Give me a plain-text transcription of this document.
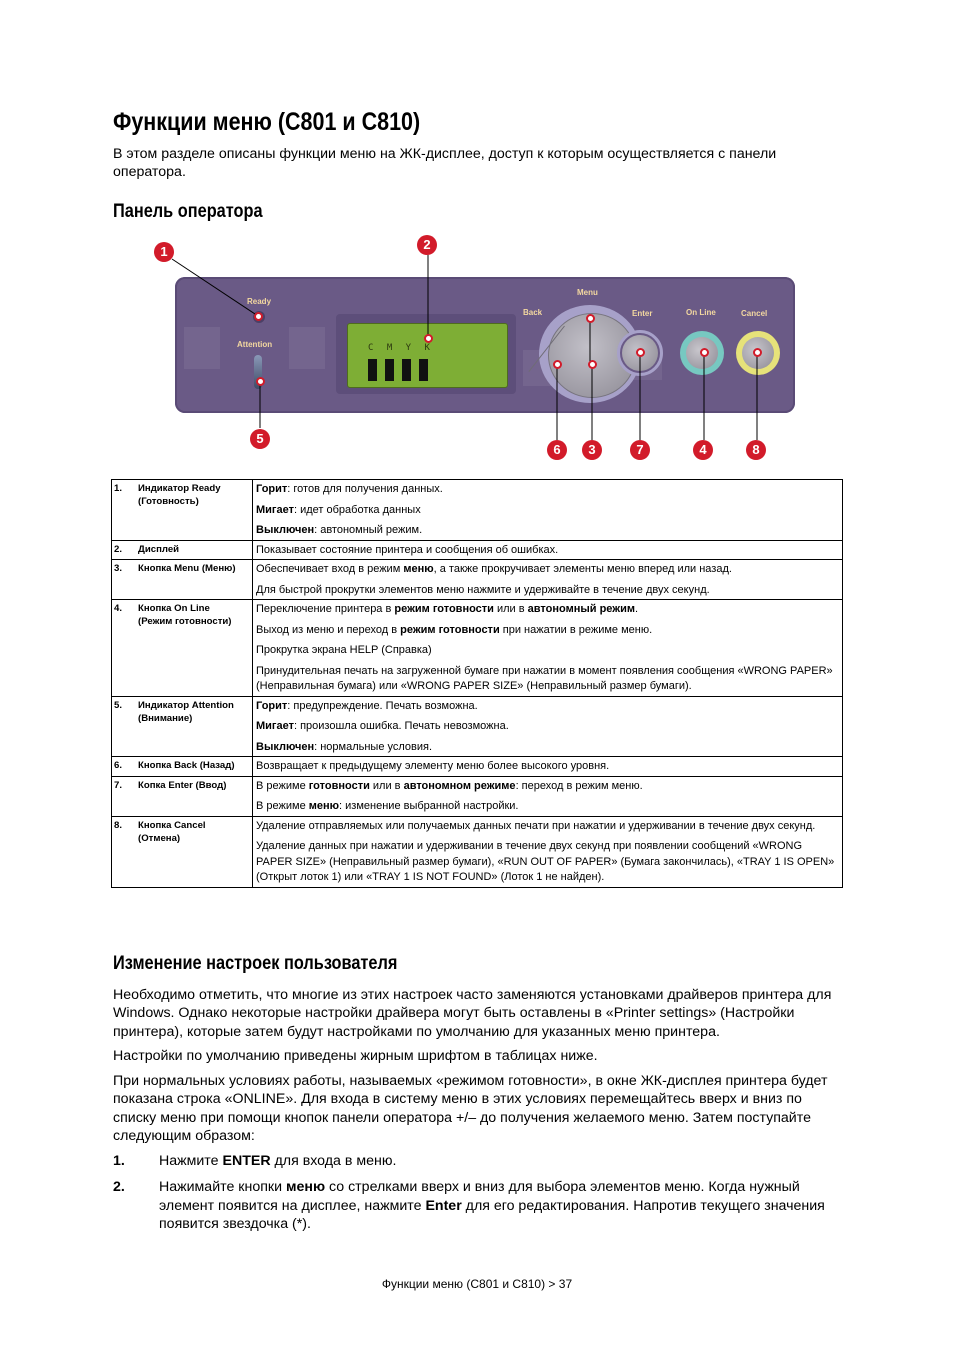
Функции меню (C801 и C810)

В этом разделе описаны функции меню на ЖК-дисплее, доступ к которым осуществляется с панели оператора.

Панель оператора
C M Y K
Ready
Attention
Menu
Back	Enter	On Line	Cancel
1	2
3	4
5
6	7	8
1. Индикатор Ready (Готовность)	Горит: готов для получения данных.

Мигает: идет обработка данных

Выключен: автономный режим.

2. Дисплей	Показывает состояние принтера и сообщения об ошибках.

3. Кнопка Menu (Меню)	Обеспечивает вход в режим меню, а также прокручивает элементы меню вперед или назад.

Для быстрой прокрутки элементов меню нажмите и удерживайте в течение двух секунд.

4. Кнопка On Line (Режим готовности)	Переключение принтера в режим готовности или в автономный режим.

Выход из меню и переход в режим готовности при нажатии в режиме меню.

Прокрутка экрана HELP (Справка)

Принудительная печать на загруженной бумаге при нажатии в момент появления сообщения «WRONG PAPER» (Неправильная бумага) или «WRONG PAPER SIZE» (Неправильный размер бумаги).

5. Индикатор Attention (Внимание)	Горит: предупреждение. Печать возможна.

Мигает: произошла ошибка. Печать невозможна.

Выключен: нормальные условия.

6. Кнопка Back (Назад)	Возвращает к предыдущему элементу меню более высокого уровня.

7. Копка Enter (Ввод)	В режиме готовности или в автономном режиме: переход в режим меню.

В режиме меню: изменение выбранной настройки.

8. Кнопка Cancel (Отмена)	Удаление отправляемых или получаемых данных печати при нажатии и удерживании в течение двух секунд.

Удаление данных при нажатии и удерживании в течение двух секунд при появлении сообщений «WRONG PAPER SIZE» (Неправильный размер бумаги), «RUN OUT OF PAPER» (Бумага закончилась), «TRAY 1 IS OPEN» (Открыт лоток 1) или «TRAY 1 IS NOT FOUND» (Лоток 1 не найден).

Изменение настроек пользователя

Необходимо отметить, что многие из этих настроек часто заменяются установками драйверов принтера для Windows. Однако некоторые настройки драйвера могут быть оставлены в «Printer settings» (Настройки принтера), которые затем будут настройками по умолчанию для указанных меню принтера.

Настройки по умолчанию приведены жирным шрифтом в таблицах ниже.

При нормальных условиях работы, называемых «режимом готовности», в окне ЖК-дисплея принтера будет показана строка «ONLINE». Для входа в систему меню в этих условиях перемещайтесь вверх и вниз по списку меню при помощи кнопок панели оператора +/– до получения желаемого меню. Затем поступайте следующим образом:

1. Нажмите ENTER для входа в меню.
2. Нажимайте кнопки меню со стрелками вверх и вниз для выбора элементов меню. Когда нужный элемент появится на дисплее, нажмите Enter для его редактирования. Напротив текущего значения появится звездочка (*).
Функции меню (C801 и C810) > 37
